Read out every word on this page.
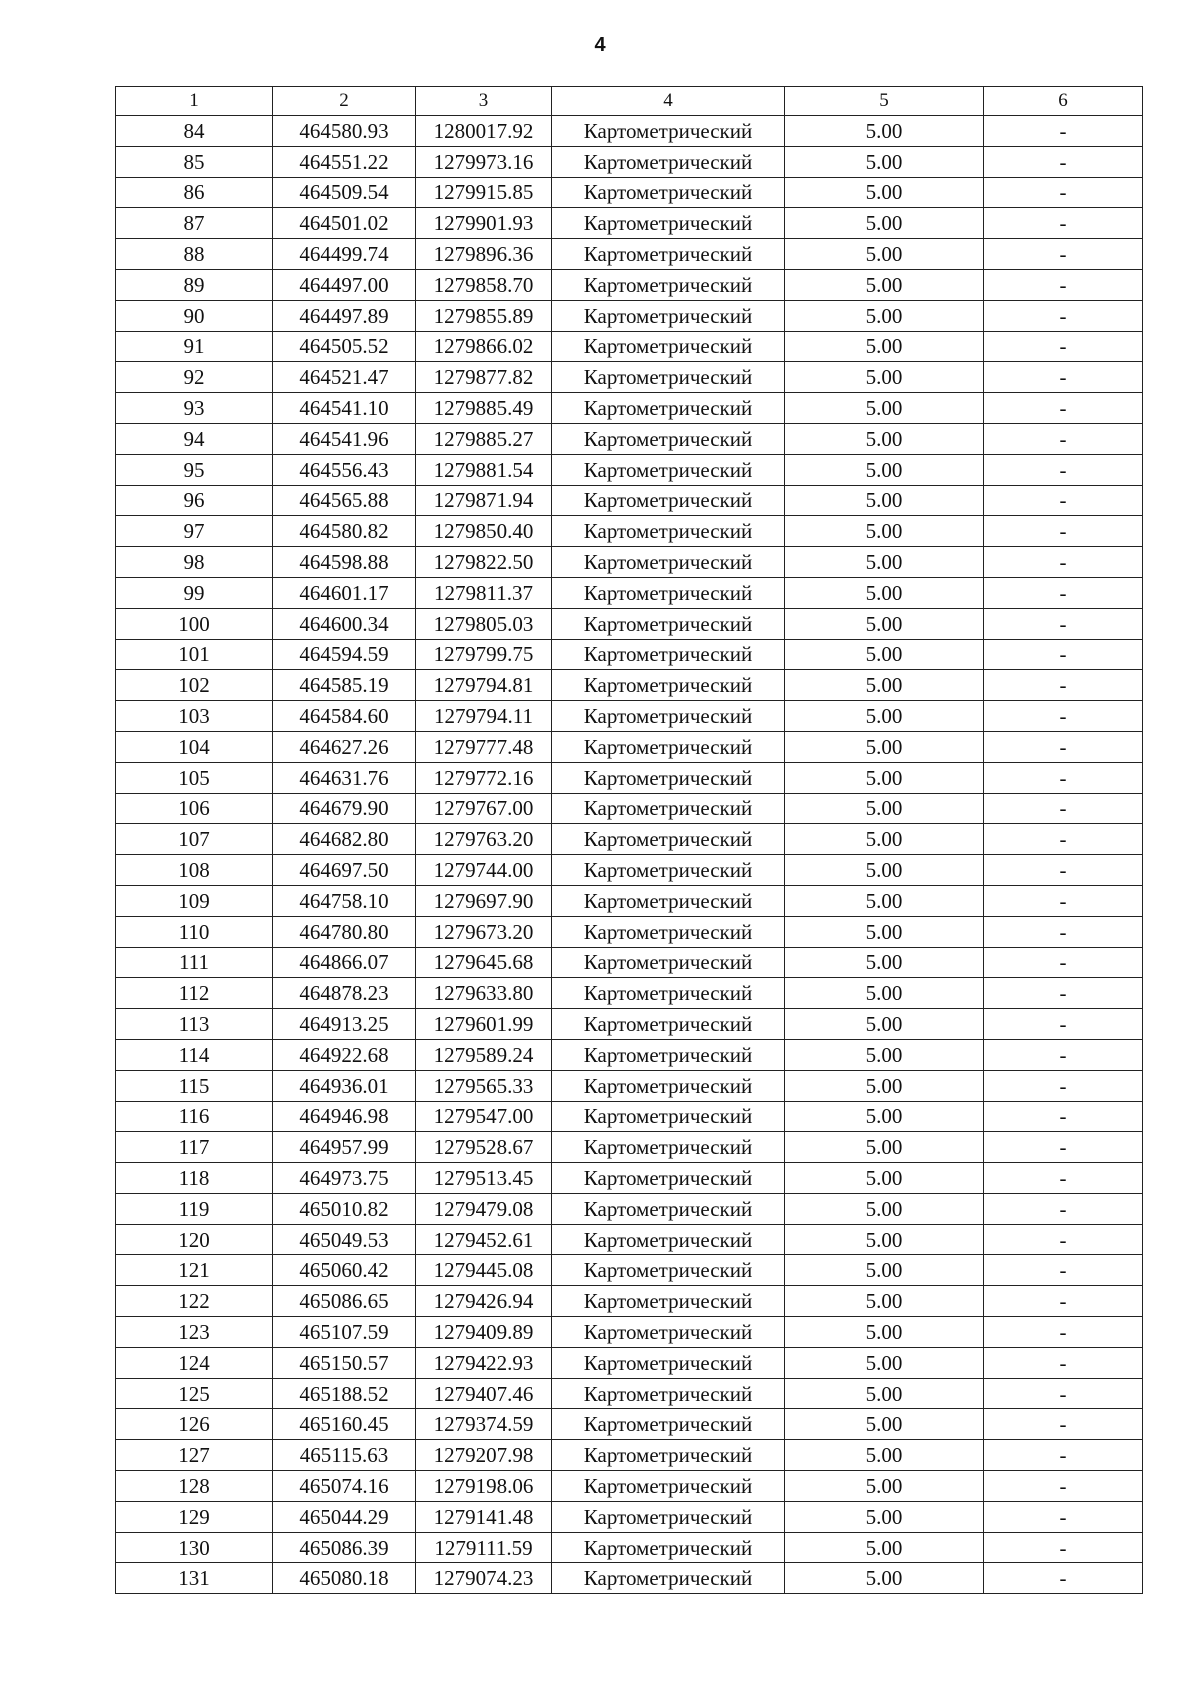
4
1	2	3	4	5	6
84	464580.93	1280017.92	Картометрический	5.00	-
85	464551.22	1279973.16	Картометрический	5.00	-
86	464509.54	1279915.85	Картометрический	5.00	-
87	464501.02	1279901.93	Картометрический	5.00	-
88	464499.74	1279896.36	Картометрический	5.00	-
89	464497.00	1279858.70	Картометрический	5.00	-
90	464497.89	1279855.89	Картометрический	5.00	-
91	464505.52	1279866.02	Картометрический	5.00	-
92	464521.47	1279877.82	Картометрический	5.00	-
93	464541.10	1279885.49	Картометрический	5.00	-
94	464541.96	1279885.27	Картометрический	5.00	-
95	464556.43	1279881.54	Картометрический	5.00	-
96	464565.88	1279871.94	Картометрический	5.00	-
97	464580.82	1279850.40	Картометрический	5.00	-
98	464598.88	1279822.50	Картометрический	5.00	-
99	464601.17	1279811.37	Картометрический	5.00	-
100	464600.34	1279805.03	Картометрический	5.00	-
101	464594.59	1279799.75	Картометрический	5.00	-
102	464585.19	1279794.81	Картометрический	5.00	-
103	464584.60	1279794.11	Картометрический	5.00	-
104	464627.26	1279777.48	Картометрический	5.00	-
105	464631.76	1279772.16	Картометрический	5.00	-
106	464679.90	1279767.00	Картометрический	5.00	-
107	464682.80	1279763.20	Картометрический	5.00	-
108	464697.50	1279744.00	Картометрический	5.00	-
109	464758.10	1279697.90	Картометрический	5.00	-
110	464780.80	1279673.20	Картометрический	5.00	-
111	464866.07	1279645.68	Картометрический	5.00	-
112	464878.23	1279633.80	Картометрический	5.00	-
113	464913.25	1279601.99	Картометрический	5.00	-
114	464922.68	1279589.24	Картометрический	5.00	-
115	464936.01	1279565.33	Картометрический	5.00	-
116	464946.98	1279547.00	Картометрический	5.00	-
117	464957.99	1279528.67	Картометрический	5.00	-
118	464973.75	1279513.45	Картометрический	5.00	-
119	465010.82	1279479.08	Картометрический	5.00	-
120	465049.53	1279452.61	Картометрический	5.00	-
121	465060.42	1279445.08	Картометрический	5.00	-
122	465086.65	1279426.94	Картометрический	5.00	-
123	465107.59	1279409.89	Картометрический	5.00	-
124	465150.57	1279422.93	Картометрический	5.00	-
125	465188.52	1279407.46	Картометрический	5.00	-
126	465160.45	1279374.59	Картометрический	5.00	-
127	465115.63	1279207.98	Картометрический	5.00	-
128	465074.16	1279198.06	Картометрический	5.00	-
129	465044.29	1279141.48	Картометрический	5.00	-
130	465086.39	1279111.59	Картометрический	5.00	-
131	465080.18	1279074.23	Картометрический	5.00	-
